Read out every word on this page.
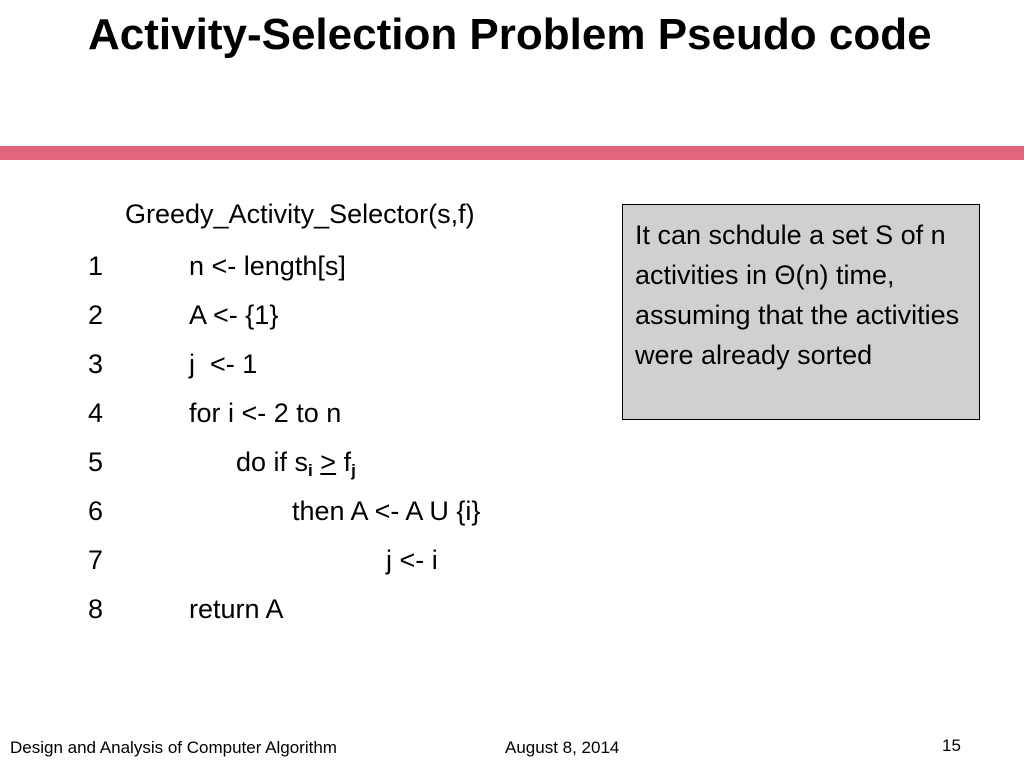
Activity-Selection Problem Pseudo code
Greedy_Activity_Selector(s,f)
1	n <- length[s]
2	A <- {1}
3	j  <- 1
4	for i <- 2 to n
5	do if $s_i \ge f_j$
6	then A <- A U {i}
7	j <- i
8	return A
It can schdule a set S of n activities in Θ(n) time, assuming that the activities were already sorted
Design and Analysis of Computer Algorithm	August 8, 2014	15
